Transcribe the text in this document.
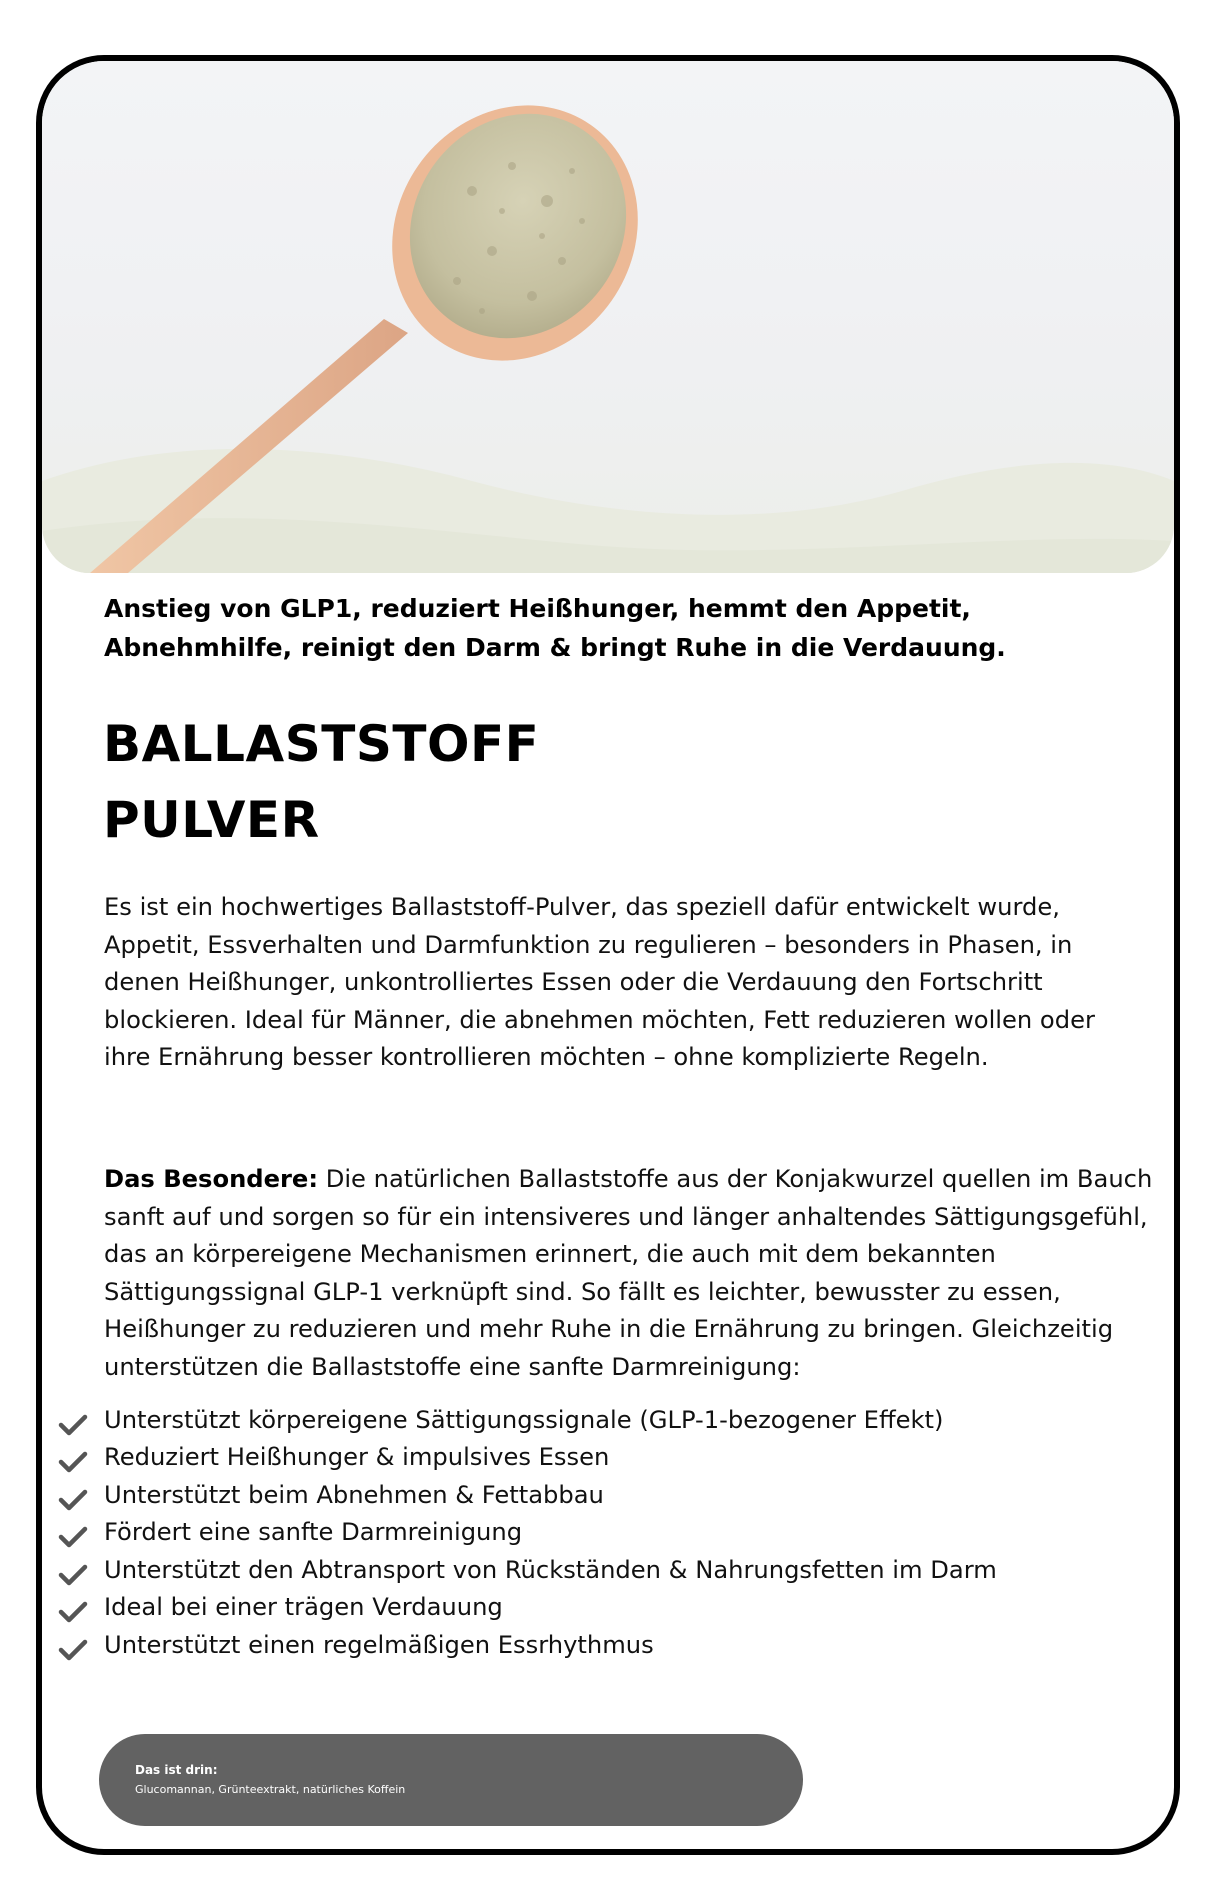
Anstieg von GLP1, reduziert Heißhunger, hemmt den Appetit, Abnehmhilfe, reinigt den Darm & bringt Ruhe in die Verdauung.
BALLASTSTOFF
PULVER
Es ist ein hochwertiges Ballaststoff-Pulver, das speziell dafür entwickelt wurde, Appetit, Essverhalten und Darmfunktion zu regulieren – besonders in Phasen, in denen Heißhunger, unkontrolliertes Essen oder die Verdauung den Fortschritt blockieren. Ideal für Männer, die abnehmen möchten, Fett reduzieren wollen oder ihre Ernährung besser kontrollieren möchten – ohne komplizierte Regeln.
Das Besondere: Die natürlichen Ballaststoffe aus der Konjakwurzel quellen im Bauch sanft auf und sorgen so für ein intensiveres und länger anhaltendes Sättigungsgefühl, das an körpereigene Mechanismen erinnert, die auch mit dem bekannten Sättigungssignal GLP-1 verknüpft sind. So fällt es leichter, bewusster zu essen, Heißhunger zu reduzieren und mehr Ruhe in die Ernährung zu bringen. Gleichzeitig unterstützen die Ballaststoffe eine sanfte Darmreinigung:
Unterstützt körpereigene Sättigungssignale (GLP-1-bezogener Effekt)
Reduziert Heißhunger & impulsives Essen
Unterstützt beim Abnehmen & Fettabbau
Fördert eine sanfte Darmreinigung
Unterstützt den Abtransport von Rückständen & Nahrungsfetten im Darm
Ideal bei einer trägen Verdauung
Unterstützt einen regelmäßigen Essrhythmus
Das ist drin:
Glucomannan, Grünteextrakt, natürliches Koffein
